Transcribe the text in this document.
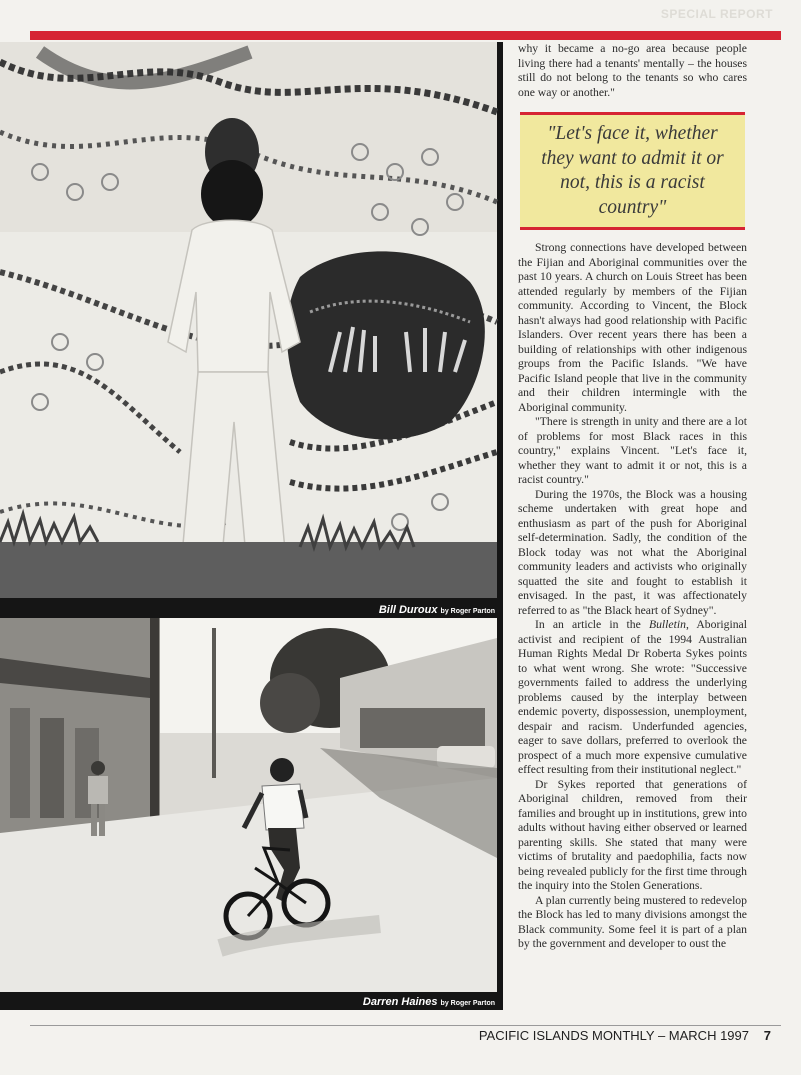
SPECIAL REPORT

Bill Duroux by Roger Parton

Darren Haines by Roger Parton

why it became a no-go area because people living there had a tenants' mentally – the houses still do not belong to the tenants so who cares one way or another."

"Let's face it, whether they want to admit it or not, this is a racist country"

Strong connections have developed between the Fijian and Aboriginal communities over the past 10 years. A church on Louis Street has been attended regularly by members of the Fijian community. According to Vincent, the Block hasn't always had good relationship with Pacific Islanders. Over recent years there has been a building of relationships with other indigenous groups from the Pacific Islands. "We have Pacific Island people that live in the community and their children intermingle with the Aboriginal community.

"There is strength in unity and there are a lot of problems for most Black races in this country," explains Vincent. "Let's face it, whether they want to admit it or not, this is a racist country."

During the 1970s, the Block was a housing scheme undertaken with great hope and enthusiasm as part of the push for Aboriginal self-determination. Sadly, the condition of the Block today was not what the Aboriginal community leaders and activists who originally squatted the site and fought to establish it envisaged. In the past, it was affectionately referred to as "the Black heart of Sydney".

In an article in the Bulletin, Aboriginal activist and recipient of the 1994 Australian Human Rights Medal Dr Roberta Sykes points to what went wrong. She wrote: "Successive governments failed to address the underlying problems caused by the interplay between endemic poverty, dispossession, unemployment, despair and racism. Underfunded agencies, eager to save dollars, preferred to overlook the prospect of a much more expensive cumulative effect resulting from their institutional neglect."

Dr Sykes reported that generations of Aboriginal children, removed from their families and brought up in institutions, grew into adults without having either observed or learned parenting skills. She stated that many were victims of brutality and paedophilia, facts now being revealed publicly for the first time through the inquiry into the Stolen Generations.

A plan currently being mustered to redevelop the Block has led to many divisions amongst the Black community. Some feel it is part of a plan by the government and developer to oust the

PACIFIC ISLANDS MONTHLY – MARCH 1997 7
